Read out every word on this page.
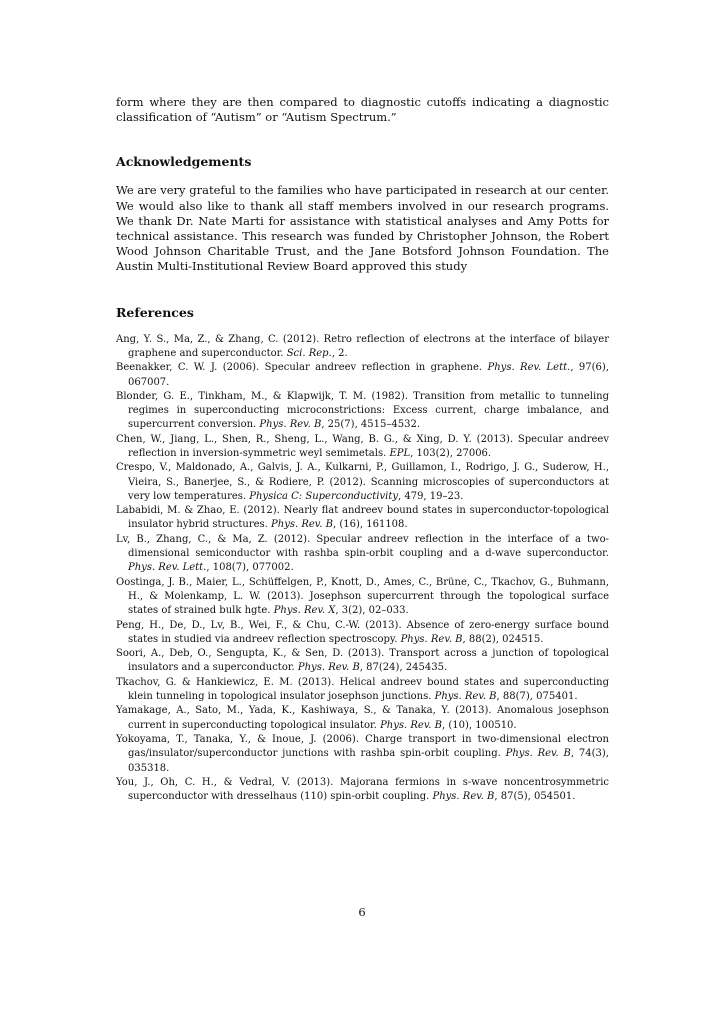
form where they are then compared to diagnostic cutoffs indicating a diagnostic classification of “Autism” or “Autism Spectrum.”

Acknowledgements

We are very grateful to the families who have participated in research at our center. We would also like to thank all staff members involved in our research programs. We thank Dr. Nate Marti for assistance with statistical analyses and Amy Potts for technical assistance. This research was funded by Christopher Johnson, the Robert Wood Johnson Charitable Trust, and the Jane Botsford Johnson Foundation. The Austin Multi-Institutional Review Board approved this study

References
Ang, Y. S., Ma, Z., & Zhang, C. (2012). Retro reflection of electrons at the interface of bilayer graphene and superconductor. Sci. Rep., 2.
Beenakker, C. W. J. (2006). Specular andreev reflection in graphene. Phys. Rev. Lett., 97(6), 067007.
Blonder, G. E., Tinkham, M., & Klapwijk, T. M. (1982). Transition from metallic to tunneling regimes in superconducting microconstrictions: Excess current, charge imbalance, and supercurrent conversion. Phys. Rev. B, 25(7), 4515–4532.
Chen, W., Jiang, L., Shen, R., Sheng, L., Wang, B. G., & Xing, D. Y. (2013). Specular andreev reflection in inversion-symmetric weyl semimetals. EPL, 103(2), 27006.
Crespo, V., Maldonado, A., Galvis, J. A., Kulkarni, P., Guillamon, I., Rodrigo, J. G., Suderow, H., Vieira, S., Banerjee, S., & Rodiere, P. (2012). Scanning microscopies of superconductors at very low temperatures. Physica C: Superconductivity, 479, 19–23.
Lababidi, M. & Zhao, E. (2012). Nearly flat andreev bound states in superconductor-topological insulator hybrid structures. Phys. Rev. B, (16), 161108.
Lv, B., Zhang, C., & Ma, Z. (2012). Specular andreev reflection in the interface of a two-dimensional semiconductor with rashba spin-orbit coupling and a d-wave superconductor. Phys. Rev. Lett., 108(7), 077002.
Oostinga, J. B., Maier, L., Schüffelgen, P., Knott, D., Ames, C., Brüne, C., Tkachov, G., Buhmann, H., & Molenkamp, L. W. (2013). Josephson supercurrent through the topological surface states of strained bulk hgte. Phys. Rev. X, 3(2), 02–033.
Peng, H., De, D., Lv, B., Wei, F., & Chu, C.-W. (2013). Absence of zero-energy surface bound states in studied via andreev reflection spectroscopy. Phys. Rev. B, 88(2), 024515.
Soori, A., Deb, O., Sengupta, K., & Sen, D. (2013). Transport across a junction of topological insulators and a superconductor. Phys. Rev. B, 87(24), 245435.
Tkachov, G. & Hankiewicz, E. M. (2013). Helical andreev bound states and superconducting klein tunneling in topological insulator josephson junctions. Phys. Rev. B, 88(7), 075401.
Yamakage, A., Sato, M., Yada, K., Kashiwaya, S., & Tanaka, Y. (2013). Anomalous josephson current in superconducting topological insulator. Phys. Rev. B, (10), 100510.
Yokoyama, T., Tanaka, Y., & Inoue, J. (2006). Charge transport in two-dimensional electron gas/insulator/superconductor junctions with rashba spin-orbit coupling. Phys. Rev. B, 74(3), 035318.
You, J., Oh, C. H., & Vedral, V. (2013). Majorana fermions in s-wave noncentrosymmetric superconductor with dresselhaus (110) spin-orbit coupling. Phys. Rev. B, 87(5), 054501.
6
